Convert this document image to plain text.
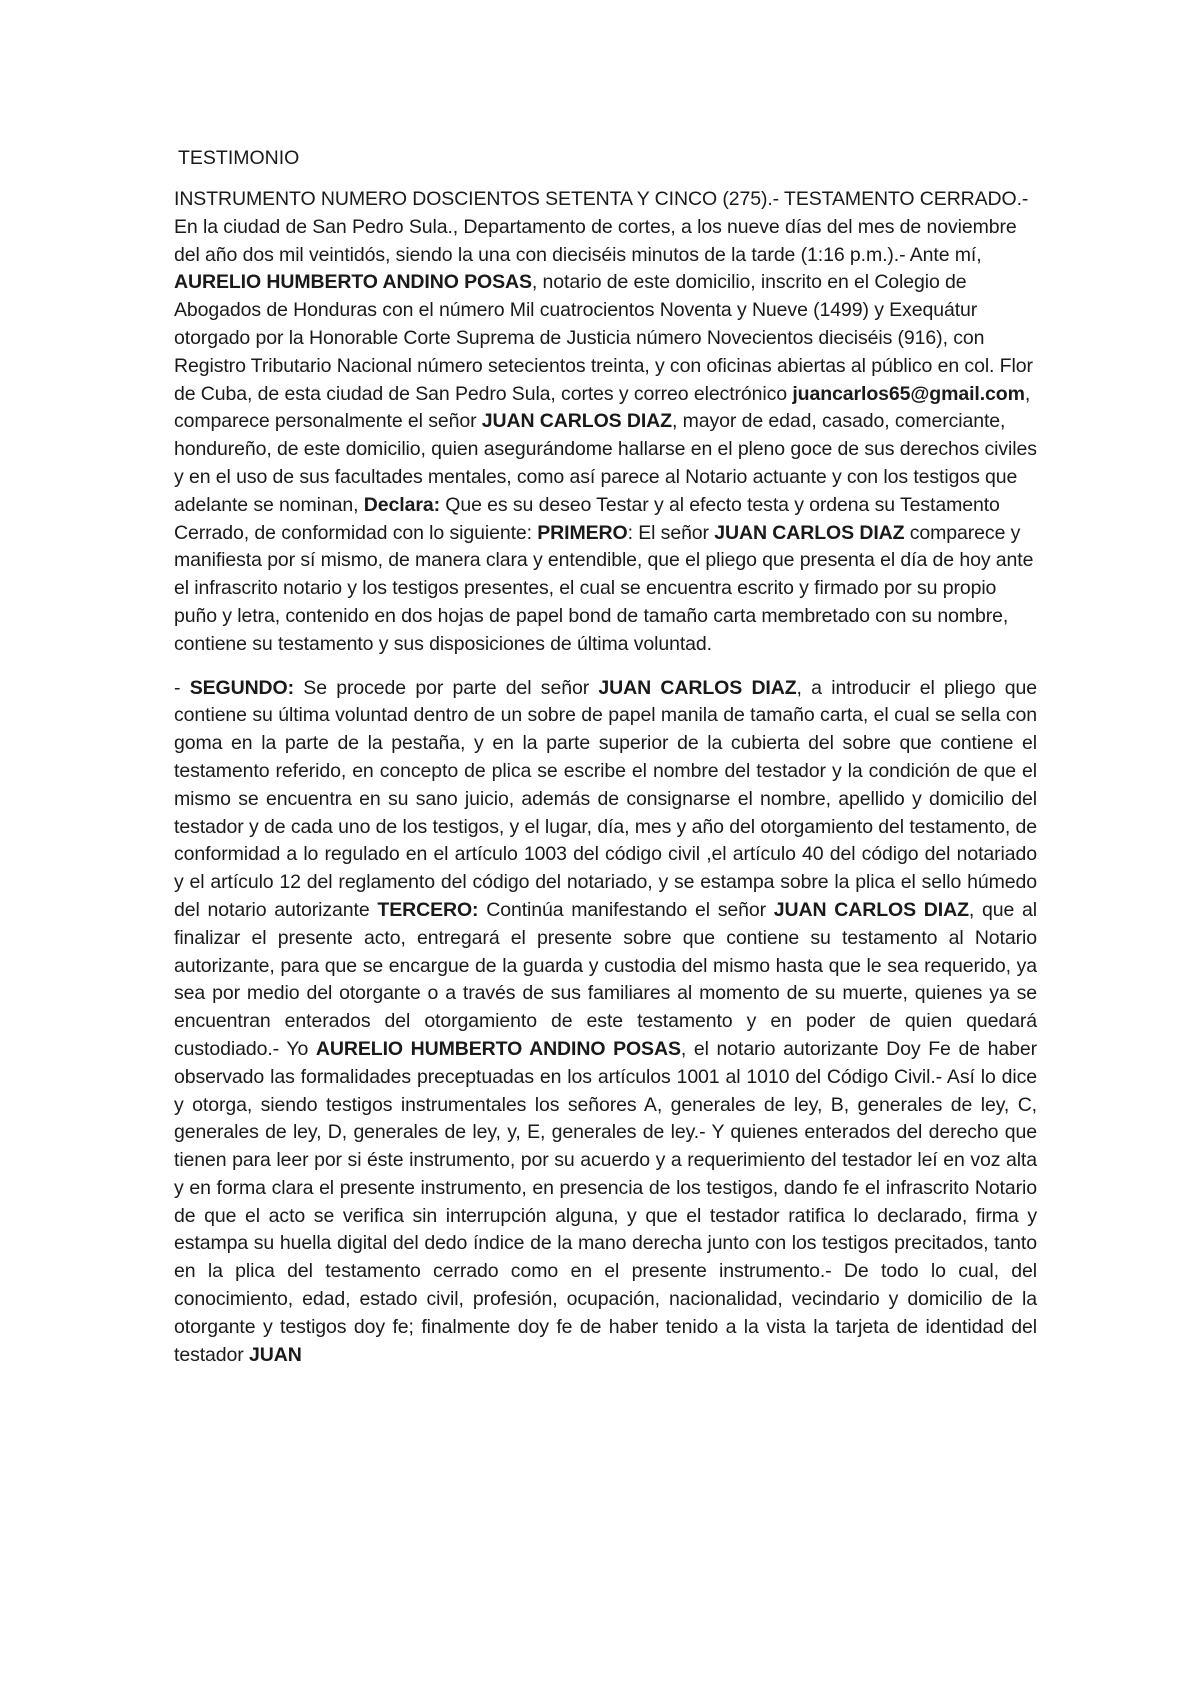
TESTIMONIO

INSTRUMENTO NUMERO DOSCIENTOS SETENTA Y CINCO (275).- TESTAMENTO CERRADO.- En la ciudad de San Pedro Sula., Departamento de cortes, a los nueve días del mes de noviembre del año dos mil veintidós, siendo la una con dieciséis minutos de la tarde (1:16 p.m.).- Ante mí, AURELIO HUMBERTO ANDINO POSAS, notario de este domicilio, inscrito en el Colegio de Abogados de Honduras con el número Mil cuatrocientos Noventa y Nueve (1499) y Exequátur otorgado por la Honorable Corte Suprema de Justicia número Novecientos dieciséis (916), con Registro Tributario Nacional número setecientos treinta, y con oficinas abiertas al público en col. Flor de Cuba, de esta ciudad de San Pedro Sula, cortes y correo electrónico juancarlos65@gmail.com, comparece personalmente el señor JUAN CARLOS DIAZ, mayor de edad, casado, comerciante, hondureño, de este domicilio, quien asegurándome hallarse en el pleno goce de sus derechos civiles y en el uso de sus facultades mentales, como así parece al Notario actuante y con los testigos que adelante se nominan, Declara: Que es su deseo Testar y al efecto testa y ordena su Testamento Cerrado, de conformidad con lo siguiente: PRIMERO: El señor JUAN CARLOS DIAZ comparece y manifiesta por sí mismo, de manera clara y entendible, que el pliego que presenta el día de hoy ante el infrascrito notario y los testigos presentes, el cual se encuentra escrito y firmado por su propio puño y letra, contenido en dos hojas de papel bond de tamaño carta membretado con su nombre, contiene su testamento y sus disposiciones de última voluntad.

- SEGUNDO: Se procede por parte del señor JUAN CARLOS DIAZ, a introducir el pliego que contiene su última voluntad dentro de un sobre de papel manila de tamaño carta, el cual se sella con goma en la parte de la pestaña, y en la parte superior de la cubierta del sobre que contiene el testamento referido, en concepto de plica se escribe el nombre del testador y la condición de que el mismo se encuentra en su sano juicio, además de consignarse el nombre, apellido y domicilio del testador y de cada uno de los testigos, y el lugar, día, mes y año del otorgamiento del testamento, de conformidad a lo regulado en el artículo 1003 del código civil ,el artículo 40 del código del notariado y el artículo 12 del reglamento del código del notariado, y se estampa sobre la plica el sello húmedo del notario autorizante TERCERO: Continúa manifestando el señor JUAN CARLOS DIAZ, que al finalizar el presente acto, entregará el presente sobre que contiene su testamento al Notario autorizante, para que se encargue de la guarda y custodia del mismo hasta que le sea requerido, ya sea por medio del otorgante o a través de sus familiares al momento de su muerte, quienes ya se encuentran enterados del otorgamiento de este testamento y en poder de quien quedará custodiado.- Yo AURELIO HUMBERTO ANDINO POSAS, el notario autorizante Doy Fe de haber observado las formalidades preceptuadas en los artículos 1001 al 1010 del Código Civil.- Así lo dice y otorga, siendo testigos instrumentales los señores A, generales de ley, B, generales de ley, C, generales de ley, D, generales de ley, y, E, generales de ley.- Y quienes enterados del derecho que tienen para leer por si éste instrumento, por su acuerdo y a requerimiento del testador leí en voz alta y en forma clara el presente instrumento, en presencia de los testigos, dando fe el infrascrito Notario de que el acto se verifica sin interrupción alguna, y que el testador ratifica lo declarado, firma y estampa su huella digital del dedo índice de la mano derecha junto con los testigos precitados, tanto en la plica del testamento cerrado como en el presente instrumento.- De todo lo cual, del conocimiento, edad, estado civil, profesión, ocupación, nacionalidad, vecindario y domicilio de la otorgante y testigos doy fe; finalmente doy fe de haber tenido a la vista la tarjeta de identidad del testador JUAN
